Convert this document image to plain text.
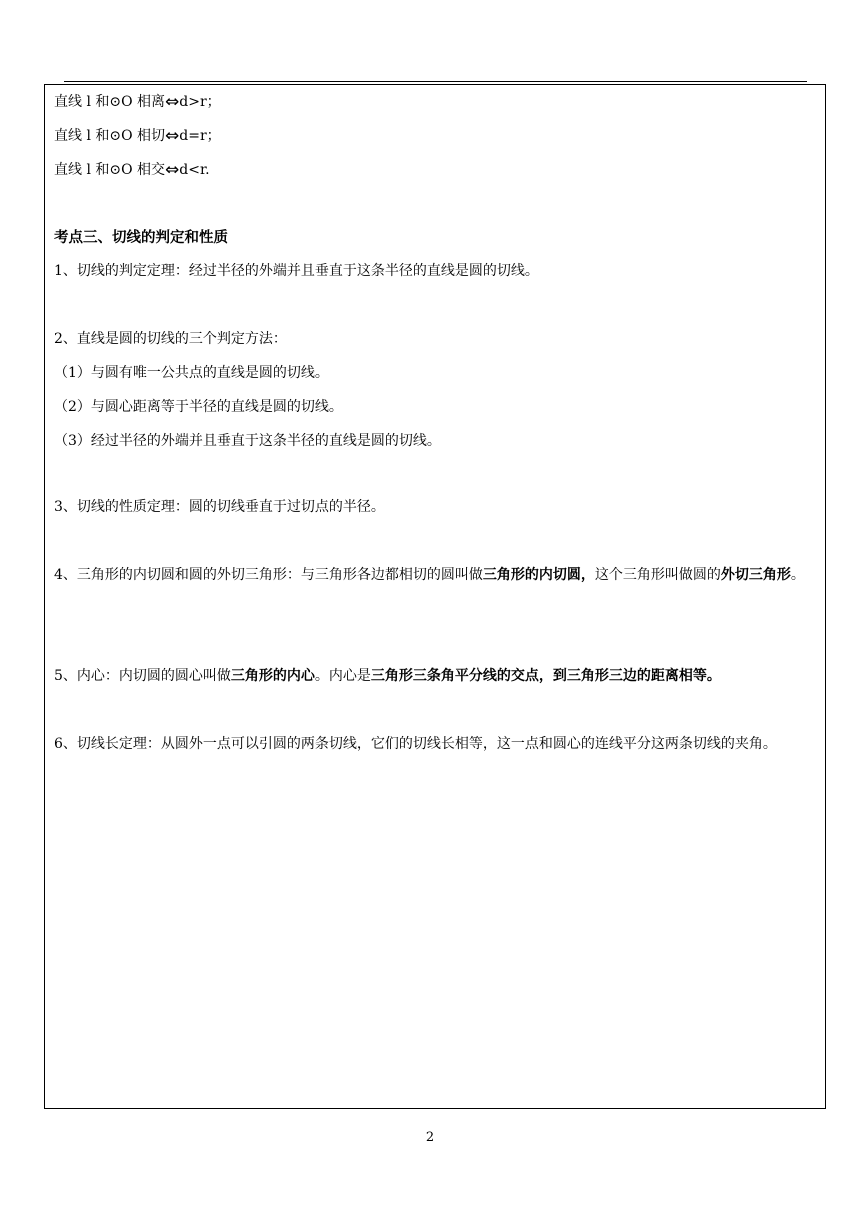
直线 l 和⊙O 相离⇔d>r；
直线 l 和⊙O 相切⇔d=r；
直线 l 和⊙O 相交⇔d<r.
考点三、切线的判定和性质
1、切线的判定定理：经过半径的外端并且垂直于这条半径的直线是圆的切线。
2、直线是圆的切线的三个判定方法：
（1）与圆有唯一公共点的直线是圆的切线。
（2）与圆心距离等于半径的直线是圆的切线。
（3）经过半径的外端并且垂直于这条半径的直线是圆的切线。
3、切线的性质定理：圆的切线垂直于过切点的半径。
4、三角形的内切圆和圆的外切三角形：与三角形各边都相切的圆叫做三角形的内切圆，这个三角形叫做圆的外切三角形。
5、内心：内切圆的圆心叫做三角形的内心。内心是三角形三条角平分线的交点，到三角形三边的距离相等。
6、切线长定理：从圆外一点可以引圆的两条切线，它们的切线长相等，这一点和圆心的连线平分这两条切线的夹角。
2
